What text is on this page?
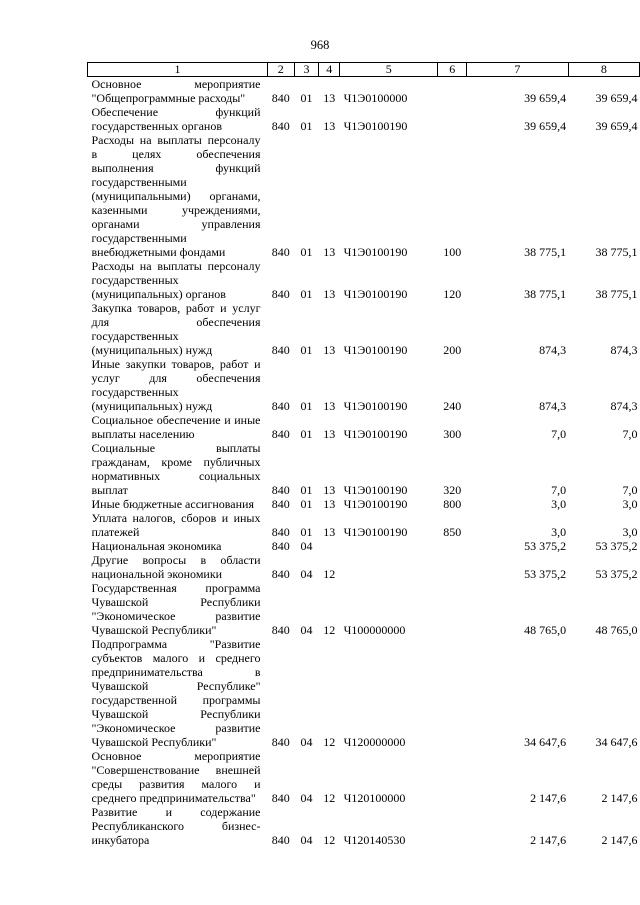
968
1	2	3	4	5	6	7	8

Основное мероприятие "Общепрограммные расходы"	840	01	13	Ч1Э0100000		39 659,4	39 659,4

Обеспечение функций государственных органов	840	01	13	Ч1Э0100190		39 659,4	39 659,4

Расходы на выплаты персоналу в целях обеспечения выполнения функций государственными (муниципальными) органами, казенными учреждениями, органами управления государственными внебюджетными фондами	840	01	13	Ч1Э0100190	100	38 775,1	38 775,1

Расходы на выплаты персоналу государственных (муниципальных) органов	840	01	13	Ч1Э0100190	120	38 775,1	38 775,1

Закупка товаров, работ и услуг для обеспечения государственных (муниципальных) нужд	840	01	13	Ч1Э0100190	200	874,3	874,3

Иные закупки товаров, работ и услуг для обеспечения государственных (муниципальных) нужд	840	01	13	Ч1Э0100190	240	874,3	874,3

Социальное обеспечение и иные выплаты населению	840	01	13	Ч1Э0100190	300	7,0	7,0

Социальные выплаты гражданам, кроме публичных нормативных социальных выплат	840	01	13	Ч1Э0100190	320	7,0	7,0

Иные бюджетные ассигнования	840	01	13	Ч1Э0100190	800	3,0	3,0

Уплата налогов, сборов и иных платежей	840	01	13	Ч1Э0100190	850	3,0	3,0

Национальная экономика	840	04				53 375,2	53 375,2

Другие вопросы в области национальной экономики	840	04	12			53 375,2	53 375,2

Государственная программа Чувашской Республики "Экономическое развитие Чувашской Республики"	840	04	12	Ч100000000		48 765,0	48 765,0

Подпрограмма "Развитие субъектов малого и среднего предпринимательства в Чувашской Республике" государственной программы Чувашской Республики "Экономическое развитие Чувашской Республики"	840	04	12	Ч120000000		34 647,6	34 647,6

Основное мероприятие "Совершенствование внешней среды развития малого и среднего предпринимательства"	840	04	12	Ч120100000		2 147,6	2 147,6

Развитие и содержание Республиканского бизнес-инкубатора	840	04	12	Ч120140530		2 147,6	2 147,6
